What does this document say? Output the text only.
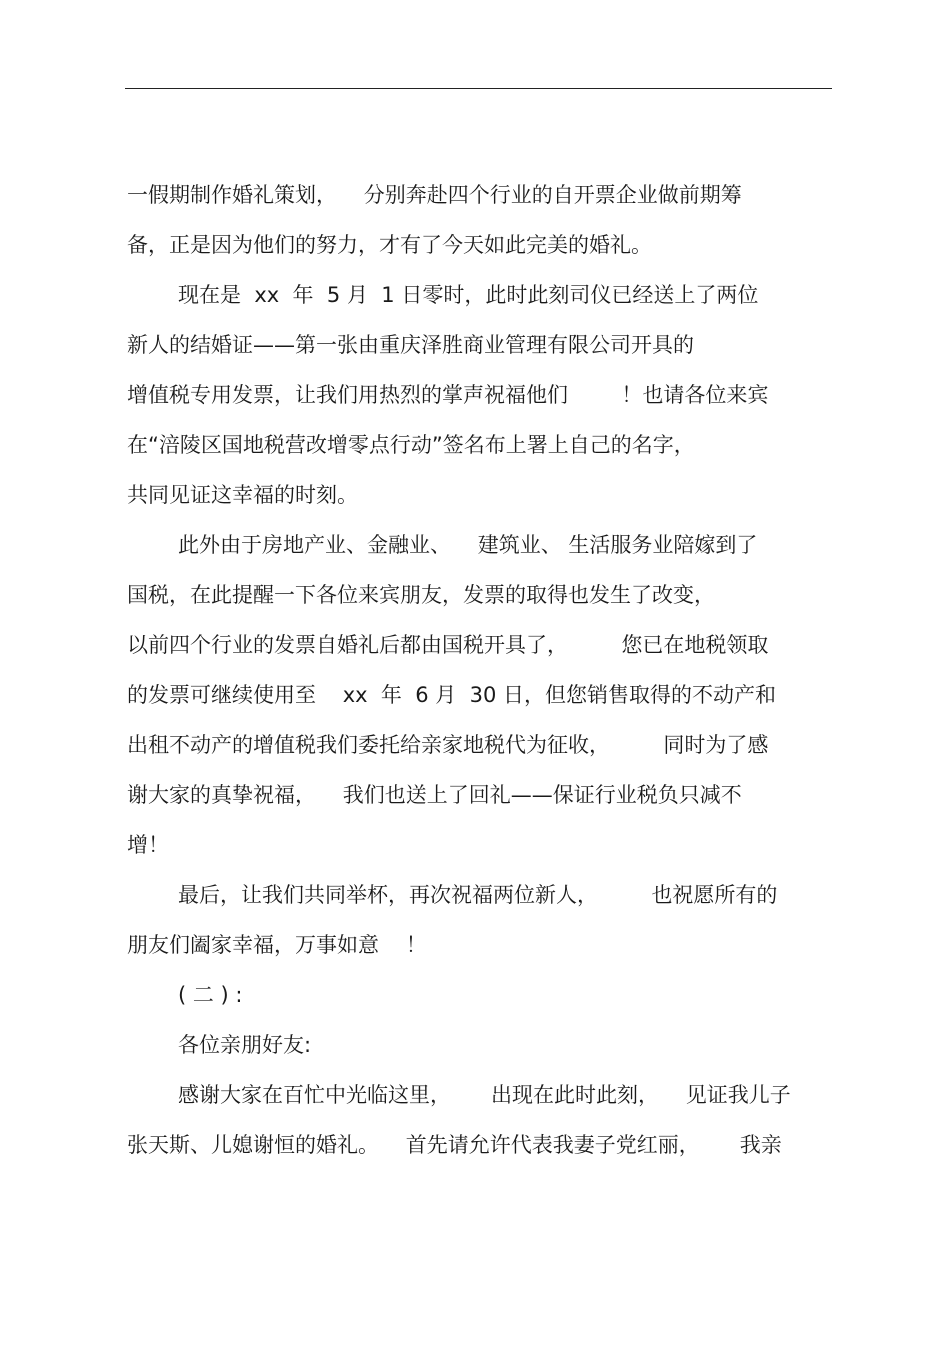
一假期制作婚礼策划，    分别奔赴四个行业的自开票企业做前期筹
备，正是因为他们的努力，才有了今天如此完美的婚礼。
现在是  xx  年  5 月  1 日零时，此时此刻司仪已经送上了两位
新人的结婚证——第一张由重庆泽胜商业管理有限公司开具的
增值税专用发票，让我们用热烈的掌声祝福他们        ！也请各位来宾
在“涪陵区国地税营改增零点行动”签名布上署上自己的名字，
共同见证这幸福的时刻。
此外由于房地产业、金融业、    建筑业、 生活服务业陪嫁到了
国税，在此提醒一下各位来宾朋友，发票的取得也发生了改变，
以前四个行业的发票自婚礼后都由国税开具了，        您已在地税领取
的发票可继续使用至    xx  年  6 月  30 日，但您销售取得的不动产和
出租不动产的增值税我们委托给亲家地税代为征收，        同时为了感
谢大家的真挚祝福，    我们也送上了回礼——保证行业税负只减不
增！
最后，让我们共同举杯，再次祝福两位新人，        也祝愿所有的
朋友们阖家幸福，万事如意    ！
( 二 ) :
各位亲朋好友:
感谢大家在百忙中光临这里，      出现在此时此刻，    见证我儿子
张天斯、儿媳谢恒的婚礼。    首先请允许代表我妻子党红丽，      我亲
